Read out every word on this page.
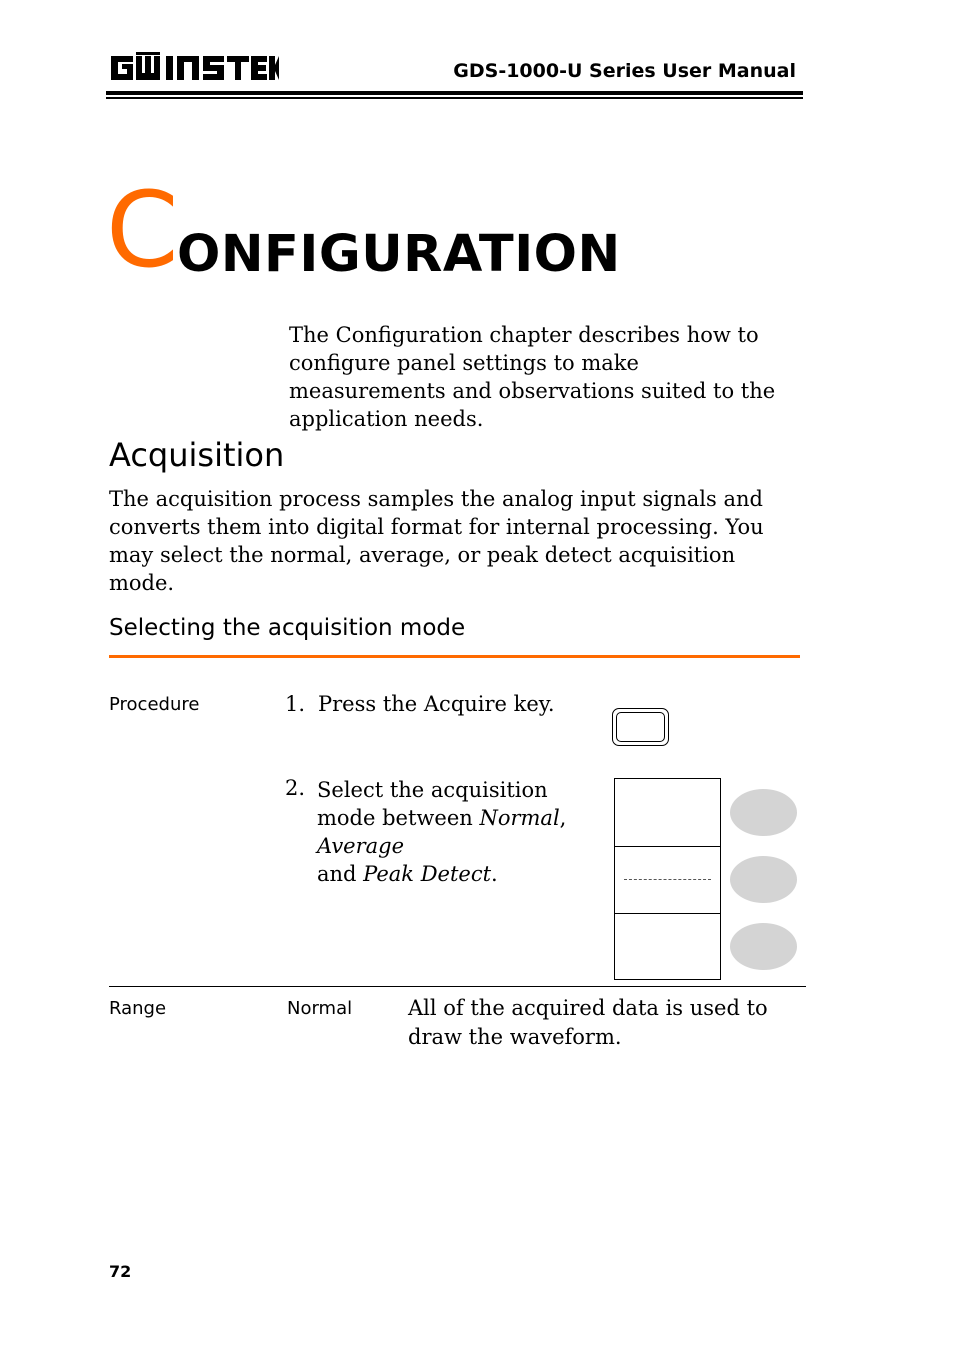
GDS-1000-U Series User Manual
C
ONFIGURATION
The Configuration chapter describes how to configure panel settings to make measurements and observations suited to the application needs.
Acquisition
The acquisition process samples the analog input signals and converts them into digital format for internal processing. You may select the normal, average, or peak detect acquisition mode.
Selecting the acquisition mode
Procedure	1. Press the Acquire key.
2. Select the acquisition mode between Normal, Average
and Peak Detect.
Range	Normal	All of the acquired data is used to draw the waveform.
72
